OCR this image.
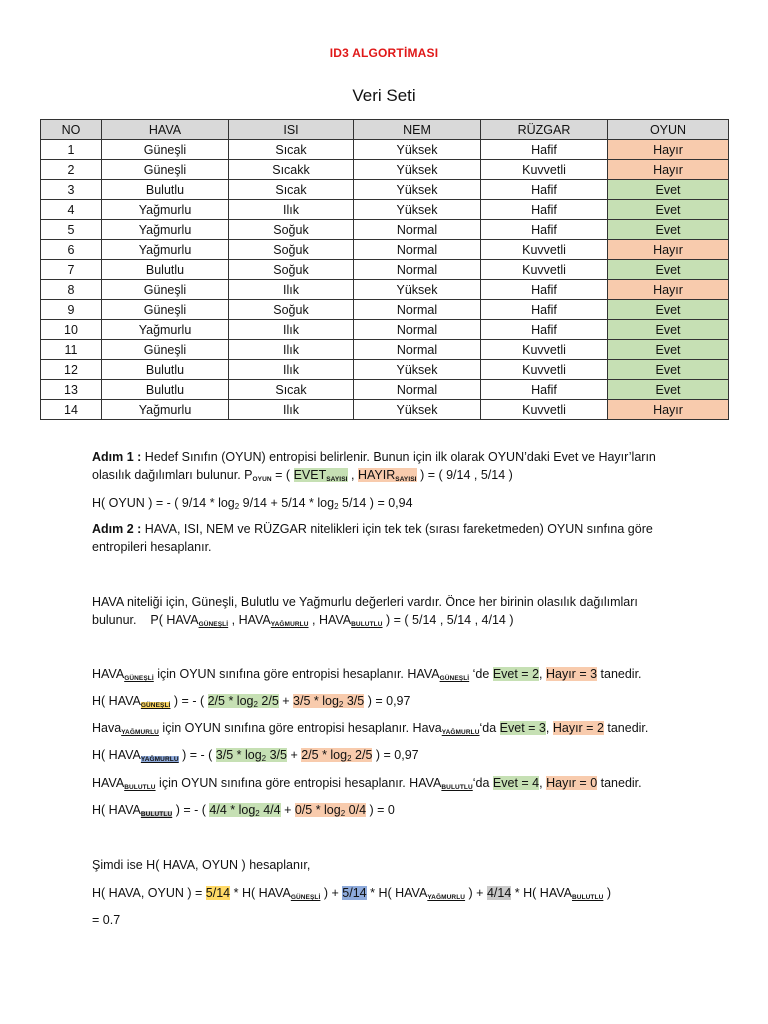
ID3 ALGORTİMASI
Veri Seti
NO	HAVA	ISI	NEM	RÜZGAR	OYUN
1	Güneşli	Sıcak	Yüksek	Hafif	Hayır
2	Güneşli	Sıcakk	Yüksek	Kuvvetli	Hayır
3	Bulutlu	Sıcak	Yüksek	Hafif	Evet
4	Yağmurlu	Ilık	Yüksek	Hafif	Evet
5	Yağmurlu	Soğuk	Normal	Hafif	Evet
6	Yağmurlu	Soğuk	Normal	Kuvvetli	Hayır
7	Bulutlu	Soğuk	Normal	Kuvvetli	Evet
8	Güneşli	Ilık	Yüksek	Hafif	Hayır
9	Güneşli	Soğuk	Normal	Hafif	Evet
10	Yağmurlu	Ilık	Normal	Hafif	Evet
11	Güneşli	Ilık	Normal	Kuvvetli	Evet
12	Bulutlu	Ilık	Yüksek	Kuvvetli	Evet
13	Bulutlu	Sıcak	Normal	Hafif	Evet
14	Yağmurlu	Ilık	Yüksek	Kuvvetli	Hayır

Adım 1 : Hedef Sınıfın (OYUN) entropisi belirlenir. Bunun için ilk olarak OYUN’daki Evet ve Hayır’ların olasılık dağılımları bulunur. $P_{OYUN}$ = ( $EVET_{SAYISI}$ , $HAYIR_{SAYISI}$ ) = ( 9/14 , 5/14 )

H( OYUN ) = - ( 9/14 * log2 9/14 + 5/14 * log2 5/14 ) = 0,94

Adım 2 : HAVA, ISI, NEM ve RÜZGAR nitelikleri için tek tek (sırası fareketmeden) OYUN sınfına göre entropileri hesaplanır.

HAVA niteliği için, Güneşli, Bulutlu ve Yağmurlu değerleri vardır. Önce her birinin olasılık dağılımları bulunur. P( $HAVA_{GÜNEŞLİ}$ , $HAVA_{YAĞMURLU}$ , $HAVA_{BULUTLU}$ ) = ( 5/14 , 5/14 , 4/14 )

$HAVA_{GÜNEŞLİ}$ için OYUN sınıfına göre entropisi hesaplanır. $HAVA_{GÜNEŞLİ}$ ‘de Evet = 2, Hayır = 3 tanedir.

H( $HAVA_{GÜNEŞLİ}$ ) = - ( 2/5 * log2 2/5 + 3/5 * log2 3/5 ) = 0,97

Hava$_{YAĞMURLU}$ için OYUN sınıfına göre entropisi hesaplanır. Hava$_{YAĞMURLU}$‘da Evet = 3, Hayır = 2 tanedir.

H( $HAVA_{YAĞMURLU}$ ) = - ( 3/5 * log2 3/5 + 2/5 * log2 2/5 ) = 0,97

$HAVA_{BULUTLU}$ için OYUN sınıfına göre entropisi hesaplanır. $HAVA_{BULUTLU}‘da$ Evet = 4, Hayır = 0 tanedir.

H( $HAVA_{BULUTLU}$ ) = - ( 4/4 * log2 4/4 + 0/5 * log2 0/4 ) = 0

Şimdi ise H( HAVA, OYUN ) hesaplanır,

H( HAVA, OYUN ) = 5/14 * H( $HAVA_{GÜNEŞLİ}$ ) + 5/14 * H( $HAVA_{YAĞMURLU}$ ) + 4/14 * H( $HAVA_{BULUTLU}$ )

= 0.7
